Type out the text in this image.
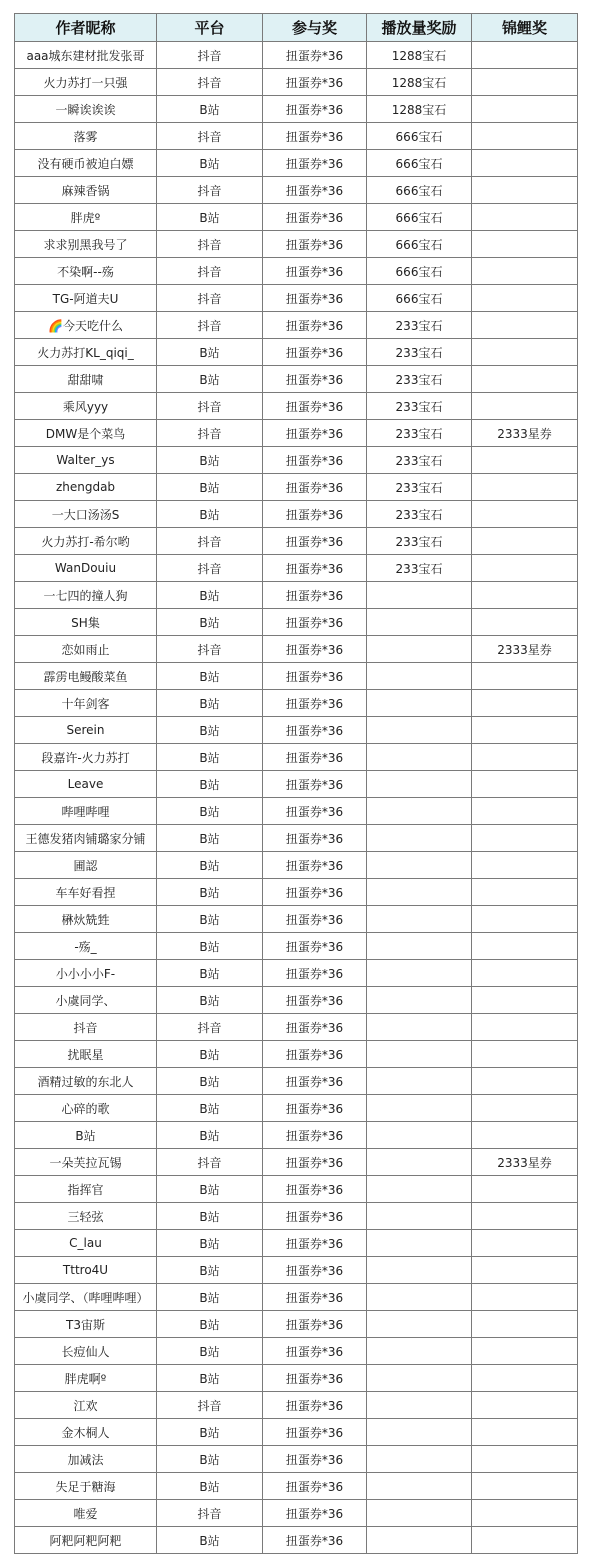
作者昵称	平台	参与奖	播放量奖励	锦鲤奖
aaa城东建材批发张哥	抖音	扭蛋券*36	1288宝石	
火力苏打一只强	抖音	扭蛋券*36	1288宝石	
一瞬诶诶诶	B站	扭蛋券*36	1288宝石	
落雾	抖音	扭蛋券*36	666宝石	
没有硬币被迫白嫖	B站	扭蛋券*36	666宝石	
麻辣香锅	抖音	扭蛋券*36	666宝石	
胖虎º	B站	扭蛋券*36	666宝石	
求求别黑我号了	抖音	扭蛋券*36	666宝石	
不染啊--殇	抖音	扭蛋券*36	666宝石	
TG-阿道夫U	抖音	扭蛋券*36	666宝石	
🌈今天吃什么	抖音	扭蛋券*36	233宝石	
火力苏打KL_qiqi_	B站	扭蛋券*36	233宝石	
甜甜啸	B站	扭蛋券*36	233宝石	
乘风yyy	抖音	扭蛋券*36	233宝石	
DMW是个菜鸟	抖音	扭蛋券*36	233宝石	2333星券
Walter_ys	B站	扭蛋券*36	233宝石	
zhengdab	B站	扭蛋券*36	233宝石	
一大口汤汤S	B站	扭蛋券*36	233宝石	
火力苏打-希尔哟	抖音	扭蛋券*36	233宝石	
WanDouiu	抖音	扭蛋券*36	233宝石	
一七四的撞人狗	B站	扭蛋券*36		
SH集	B站	扭蛋券*36		
恋如雨止	抖音	扭蛋券*36		2333星券
霹雳电鳗酸菜鱼	B站	扭蛋券*36		
十年剑客	B站	扭蛋券*36		
Serein	B站	扭蛋券*36		
段嘉许-火力苏打	B站	扭蛋券*36		
Leave	B站	扭蛋券*36		
哔哩哔哩	B站	扭蛋券*36		
王德发猪肉铺璐家分铺	B站	扭蛋券*36		
圃認	B站	扭蛋券*36		
车车好看捏	B站	扭蛋券*36		
楙炏兟甡	B站	扭蛋券*36		
-殇_	B站	扭蛋券*36		
小小小小F-	B站	扭蛋券*36		
小虞同学、	B站	扭蛋券*36		
抖音	抖音	扭蛋券*36		
扰眠星	B站	扭蛋券*36		
酒精过敏的东北人	B站	扭蛋券*36		
心碎的歌	B站	扭蛋券*36		
B站	B站	扭蛋券*36		
一朵芙拉瓦锡	抖音	扭蛋券*36		2333星券
指挥官	B站	扭蛋券*36		
三轻弦	B站	扭蛋券*36		
C_lau	B站	扭蛋券*36		
Tttro4U	B站	扭蛋券*36		
小虞同学、（哔哩哔哩）	B站	扭蛋券*36		
T3宙斯	B站	扭蛋券*36		
长痘仙人	B站	扭蛋券*36		
胖虎啊º	B站	扭蛋券*36		
江欢	抖音	扭蛋券*36		
金木桐人	B站	扭蛋券*36		
加减法	B站	扭蛋券*36		
失足于糖海	B站	扭蛋券*36		
唯爱	抖音	扭蛋券*36		
阿粑阿粑阿粑	B站	扭蛋券*36		
